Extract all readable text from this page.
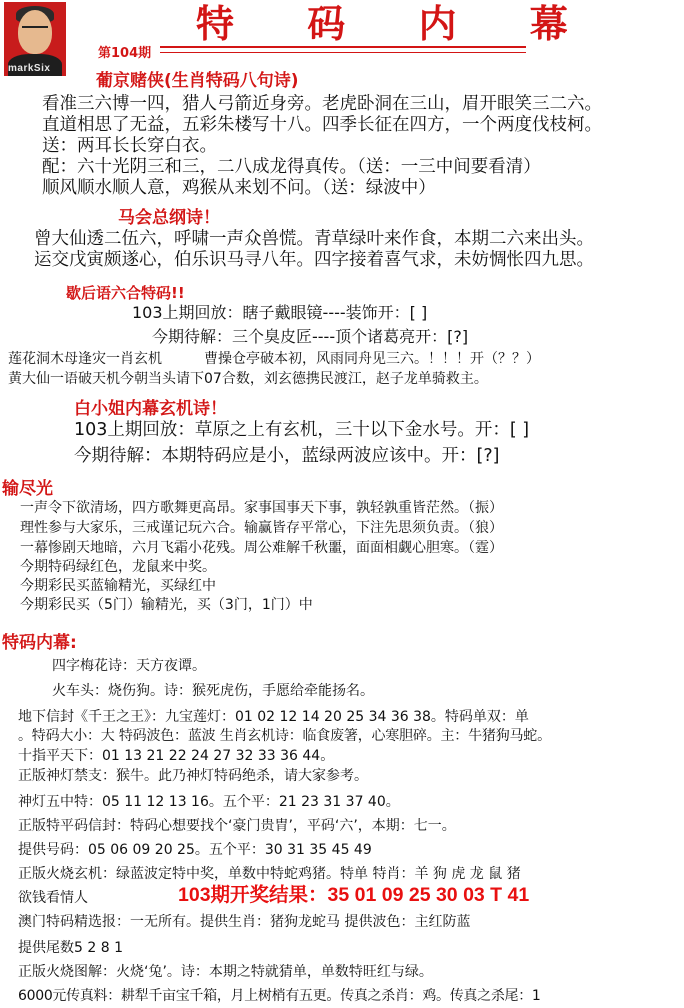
markSix
特 码 内 幕
第104期
葡京赌侠(生肖特码八句诗)
看准三六博一四，猎人弓箭近身旁。老虎卧洞在三山，眉开眼笑三二六。
直道相思了无益，五彩朱楼写十八。四季长征在四方，一个两度伐枝柯。
送：两耳长长穿白衣。
配：六十光阴三和三，二八成龙得真传。（送：一三中间要看清）
顺风顺水顺人意，鸡猴从来划不问。（送：绿波中）
马会总纲诗！
曾大仙透二伍六，呼啸一声众兽慌。青草绿叶来作食，本期二六来出头。
运交戊寅颇遂心，伯乐识马寻八年。四字接着喜气求，未妨惆怅四九思。
歇后语六合特码!!
103上期回放：瞎子戴眼镜----装饰开：[ ]
今期待解：三个臭皮匠----顶个诸葛亮开：[?]
莲花洞木母逢灾一肖玄机　　　曹操仓亭破本初，风雨同舟见三六。！！！开（？？）
黄大仙一语破天机今朝当头请下07合数，刘玄德携民渡江，赵子龙单骑救主。
白小姐内幕玄机诗！
103上期回放：草原之上有玄机，三十以下金水号。开：[ ]
今期待解：本期特码应是小，蓝绿两波应该中。开：[?]
输尽光
一声令下欲清场，四方歌舞更高昂。家事国事天下事，孰轻孰重皆茫然。（振）
理性参与大家乐，三戒谨记玩六合。输赢皆存平常心，下注先思须负责。（狼）
一幕惨剧天地暗，六月飞霜小花残。周公难解千秋噩，面面相觑心胆寒。（霆）
今期特码绿红色，龙鼠来中奖。
今期彩民买蓝输精光，买绿红中
今期彩民买（5门）输精光，买（3门，1门）中
特码内幕:
四字梅花诗：天方夜谭。
火车头：烧伤狗。诗：猴死虎伤，手愿给牵能扬名。
地下信封《千王之王》：九宝莲灯：01 02 12 14 20 25 34 36 38。特码单双：单
。特码大小：大 特码波色：蓝波 生肖玄机诗：临食废箸，心寒胆碎。主：牛猪狗马蛇。
十指平天下：01 13 21 22 24 27 32 33 36 44。
正版神灯禁支：猴牛。此乃神灯特码绝杀，请大家参考。
神灯五中特：05 11 12 13 16。五个平：21 23 31 37 40。
正版特平码信封：特码心想要找个‘豪门贵胄’，平码‘六’，本期：七一。
提供号码：05 06 09 20 25。五个平：30 31 35 45 49
正版火烧玄机：绿蓝波定特中奖，单数中特蛇鸡猪。特单 特肖：羊 狗 虎 龙 鼠 猪
欲钱看情人	103期开奖结果：35 01 09 25 30 03 T 41
澳门特码精选报：一无所有。提供生肖：猪狗龙蛇马 提供波色：主红防蓝
提供尾数5 2 8 1
正版火烧图解：火烧‘兔’。诗：本期之特就猜单，单数特旺红与绿。
6000元传真料：耕犁千亩宝千箱，月上树梢有五更。传真之杀肖：鸡。传真之杀尾：1
